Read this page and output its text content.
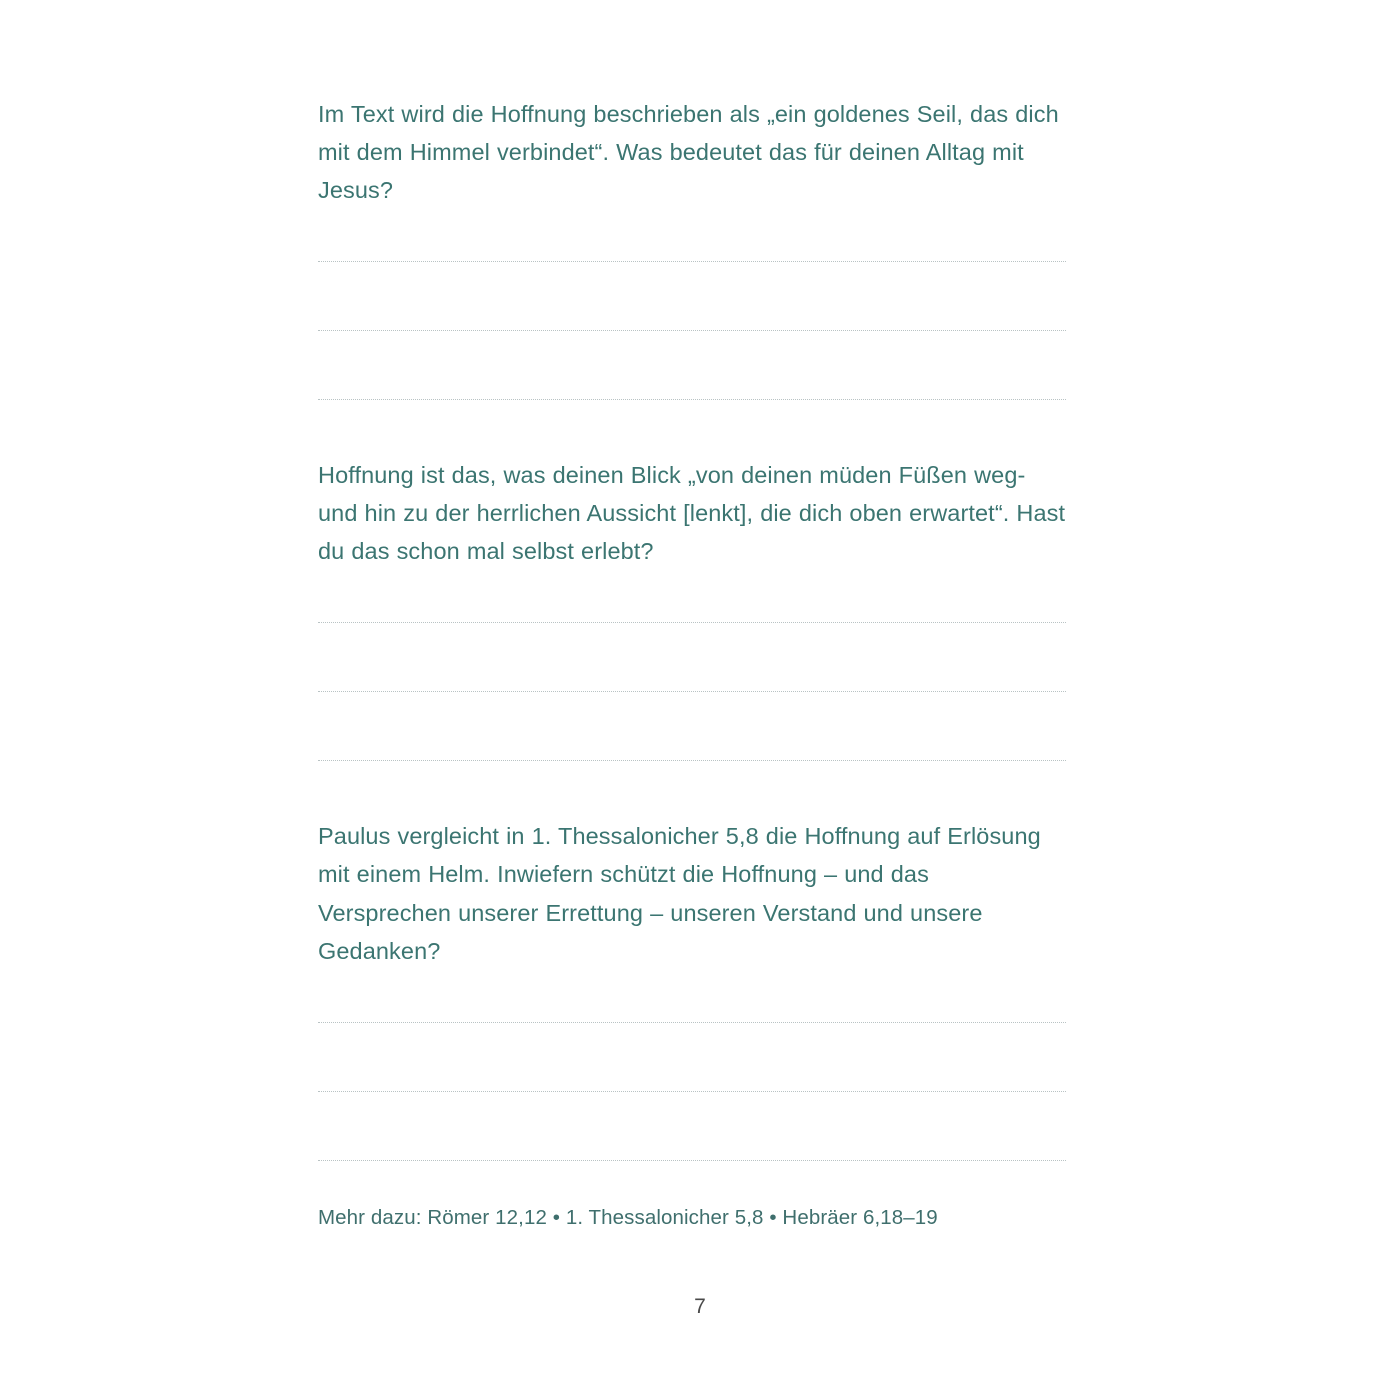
Im Text wird die Hoffnung beschrieben als „ein goldenes Seil, das dich mit dem Himmel verbindet“. Was bedeutet das für deinen Alltag mit Jesus?

Hoffnung ist das, was deinen Blick „von deinen müden Füßen weg- und hin zu der herrlichen Aussicht [lenkt], die dich oben erwartet“. Hast du das schon mal selbst erlebt?

Paulus vergleicht in 1. Thessalonicher 5,8 die Hoffnung auf Erlösung mit einem Helm. Inwiefern schützt die Hoffnung – und das Versprechen unserer Errettung – unseren Verstand und unsere Gedanken?

Mehr dazu: Römer 12,12 • 1. Thessalonicher 5,8 • Hebräer 6,18–19

7
